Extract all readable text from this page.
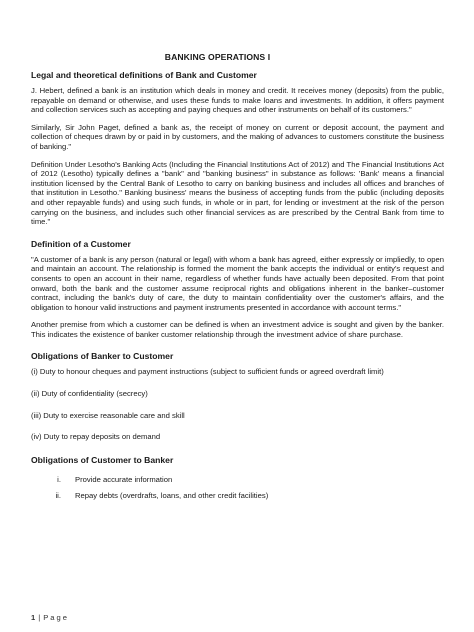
BANKING OPERATIONS I
Legal and theoretical definitions of Bank and Customer

J. Hebert, defined a bank is an institution which deals in money and credit. It receives money (deposits) from the public, repayable on demand or otherwise, and uses these funds to make loans and investments. In addition, it offers payment and collection services such as accepting and paying cheques and other instruments on behalf of its customers."

Similarly, Sir John Paget, defined a bank as, the receipt of money on current or deposit account, the payment and collection of cheques drawn by or paid in by customers, and the making of advances to customers constitute the business of banking."

Definition Under Lesotho's Banking Acts (Including the Financial Institutions Act of 2012) and The Financial Institutions Act of 2012 (Lesotho) typically defines a "bank" and "banking business" in substance as follows: 'Bank' means a financial institution licensed by the Central Bank of Lesotho to carry on banking business and includes all offices and branches of that institution in Lesotho." Banking business' means the business of accepting funds from the public (including deposits and other repayable funds) and using such funds, in whole or in part, for lending or investment at the risk of the person carrying on the business, and includes such other financial services as are prescribed by the Central Bank from time to time."

Definition of a Customer

"A customer of a bank is any person (natural or legal) with whom a bank has agreed, either expressly or impliedly, to open and maintain an account. The relationship is formed the moment the bank accepts the individual or entity's request and consents to open an account in their name, regardless of whether funds have actually been deposited. From that point onward, both the bank and the customer assume reciprocal rights and obligations inherent in the banker–customer contract, including the bank's duty of care, the duty to maintain confidentiality over the customer's affairs, and the obligation to honour valid instructions and payment instruments presented in accordance with account terms."

Another premise from which a customer can be defined is when an investment advice is sought and given by the banker. This indicates the existence of banker customer relationship through the investment advice of share purchase.

Obligations of Banker to Customer

(i) Duty to honour cheques and payment instructions (subject to sufficient funds or agreed overdraft limit)

(ii) Duty of confidentiality (secrecy)

(iii) Duty to exercise reasonable care and skill

(iv) Duty to repay deposits on demand

Obligations of Customer to Banker
i.	Provide accurate information
ii.	Repay debts (overdrafts, loans, and other credit facilities)
1 | Page
